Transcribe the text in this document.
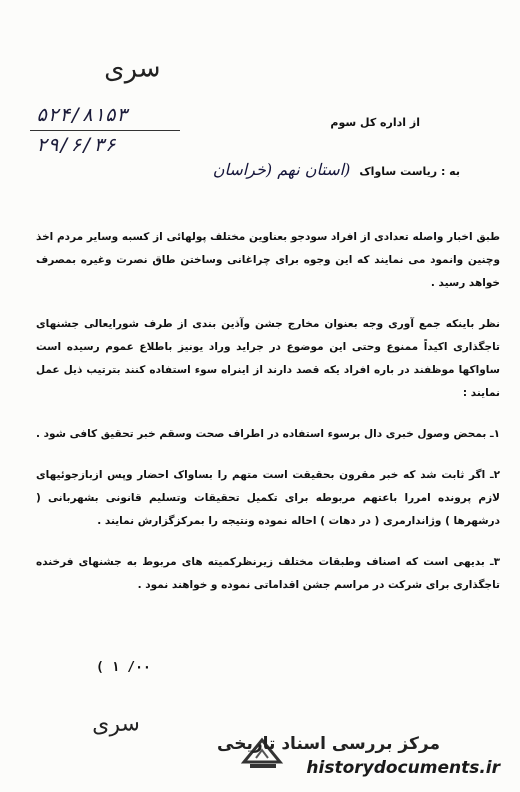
سری
۵۲۴/۸۱۵۳
۲۹/۶/۳۶
از اداره کل سوم
به : ریاست ساواک (استان نهم (خراسان

طبق اخبار واصله تعدادی از افراد سودجو بعناوین مختلف پولهائی از کسبه وسایر مردم اخذ وچنین وانمود می نمایند که این وجوه برای چراغانی وساختن طاق نصرت وغیره بمصرف خواهد رسید .

نظر باینکه جمع آوری وجه بعنوان مخارج جشن وآذین بندی از طرف شورایعالی جشنهای تاجگذاری اکیداً ممنوع وحتی این موضوع در جراید وراد یونیز باطلاع عموم رسیده است ساواکها موظفند در باره افراد یکه قصد دارند از اینراه سوء استفاده کنند بترتیب ذیل عمل نمایند :

۱ـ بمحض وصول خبری دال برسوء استفاده در اطراف صحت وسقم خبر تحقیق کافی شود .

۲ـ اگر ثابت شد که خبر مقرون بحقیقت است متهم را بساواک احضار وپس ازبازجوئیهای لازم پرونده امررا باعتهم مربوطه برای تکمیل تحقیقات وتسلیم قانونی بشهربانی ( درشهرها ) وژاندارمری ( در دهات ) احاله نموده ونتیجه را بمرکزگزارش نمایند .

۳ـ بدیهی است که اصناف وطبقات مختلف زیرنظرکمیته های مربوط به جشنهای فرخنده تاجگذاری برای شرکت در مراسم جشن اقداماتی نموده و خواهند نمود .

( ۱ /۰۰
سری
مرکز بررسی اسناد تاریخی
historydocuments.ir
